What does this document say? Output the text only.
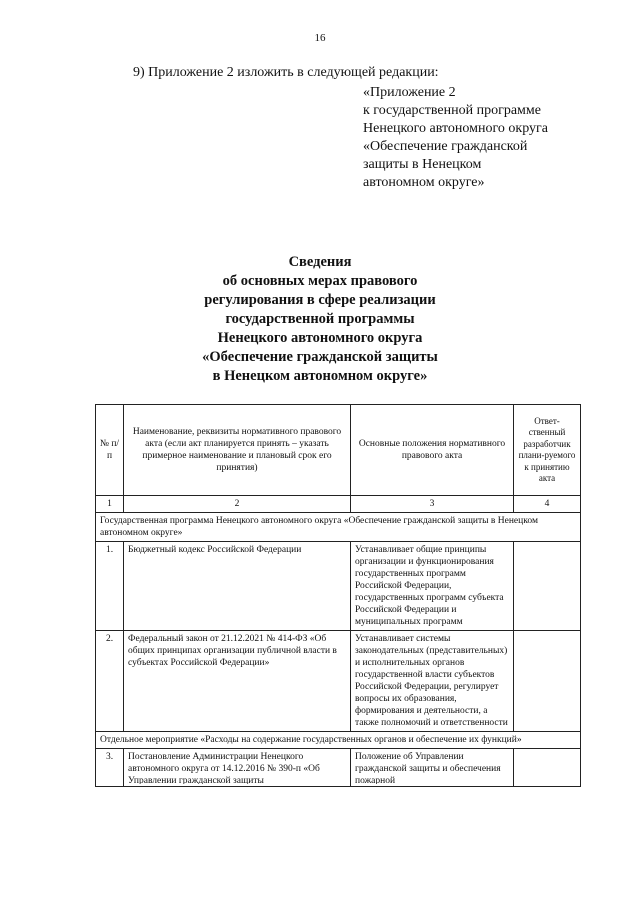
16
9) Приложение 2 изложить в следующей редакции:
«Приложение 2
к государственной программе
Ненецкого автономного округа
«Обеспечение гражданской
защиты в Ненецком
автономном округе»
Сведения
об основных мерах правового
регулирования в сфере реализации
государственной программы
Ненецкого автономного округа
«Обеспечение гражданской защиты
в Ненецком автономном округе»
№ п/п	Наименование, реквизиты нормативного правового акта (если акт планируется принять – указать примерное наименование и плановый срок его принятия)	Основные положения нормативного правового акта	Ответ-ственный разработчик плани-руемого к принятию акта
1	2	3	4
Государственная программа Ненецкого автономного округа «Обеспечение гражданской защиты в Ненецком автономном округе»			
1.	Бюджетный кодекс Российской Федерации	Устанавливает общие принципы организации и функционирования государственных программ Российской Федерации, государственных программ субъекта Российской Федерации и муниципальных программ	
2.	Федеральный закон от 21.12.2021 № 414-ФЗ «Об общих принципах организации публичной власти в субъектах Российской Федерации»	Устанавливает системы законодательных (представительных) и исполнительных органов государственной власти субъектов Российской Федерации, регулирует вопросы их образования, формирования и деятельности, а также полномочий и ответственности	
Отдельное мероприятие «Расходы на содержание государственных органов и обеспечение их функций»			
3.	Постановление Администрации Ненецкого автономного округа от 14.12.2016 № 390-п «Об Управлении гражданской защиты	Положение об Управлении гражданской защиты и обеспечения пожарной	
